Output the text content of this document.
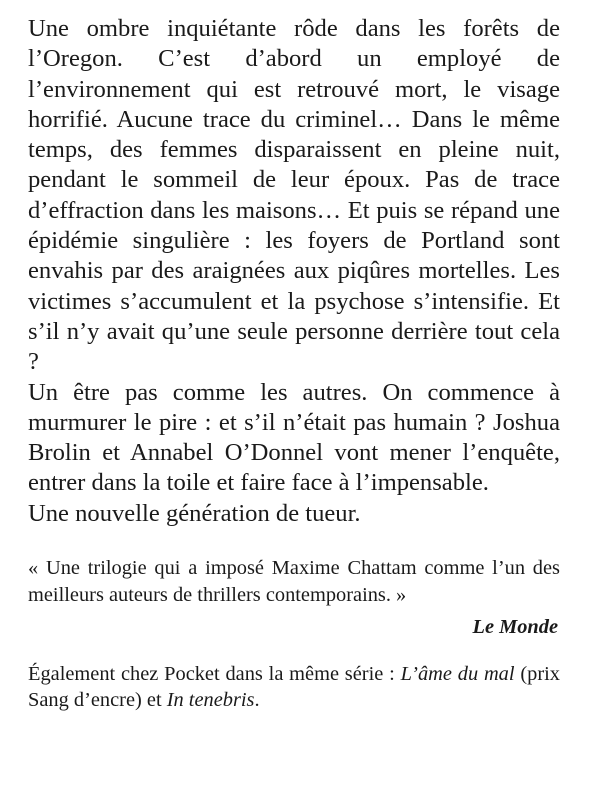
Une ombre inquiétante rôde dans les forêts de l’Oregon. C’est d’abord un employé de l’environnement qui est retrouvé mort, le visage horrifié. Aucune trace du criminel… Dans le même temps, des femmes disparaissent en pleine nuit, pendant le sommeil de leur époux. Pas de trace d’effraction dans les maisons… Et puis se répand une épidémie singulière : les foyers de Portland sont envahis par des araignées aux piqûres mortelles. Les victimes s’accumulent et la psychose s’intensifie. Et s’il n’y avait qu’une seule personne derrière tout cela ?

Un être pas comme les autres. On commence à murmurer le pire : et s’il n’était pas humain ? Joshua Brolin et Annabel O’Donnel vont mener l’enquête, entrer dans la toile et faire face à l’impensable.

Une nouvelle génération de tueur.

« Une trilogie qui a imposé Maxime Chattam comme l’un des meilleurs auteurs de thrillers contemporains. »

Le Monde

Également chez Pocket dans la même série : L’âme du mal (prix Sang d’encre) et In tenebris.
